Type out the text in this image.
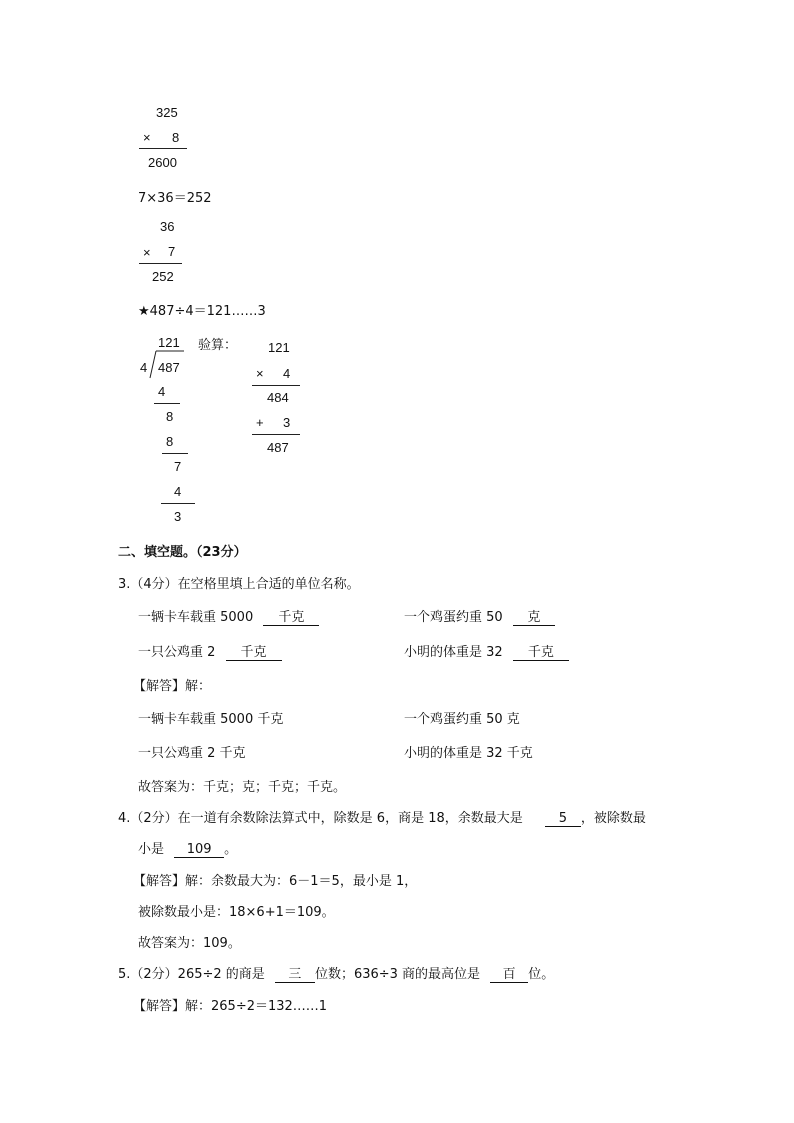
325
× 8
2600
7×36＝252
36
× 7
252
★487÷4＝121……3
121
4 487
4
8
8
7
4
3
验算： 121
× 4
484
+ 3
487
二、填空题。（23分）
3.（4分）在空格里填上合适的单位名称。
一辆卡车载重 5000 千克	一个鸡蛋约重 50 克
一只公鸡重 2 千克	小明的体重是 32 千克
【解答】解：
一辆卡车载重 5000 千克	一个鸡蛋约重 50 克
一只公鸡重 2 千克	小明的体重是 32 千克
故答案为：千克；克；千克；千克。
4.（2分）在一道有余数除法算式中，除数是 6，商是 18，余数最大是	5 ，被除数最
小是 109 。
【解答】解：余数最大为：6－1＝5，最小是 1，
被除数最小是：18×6+1＝109。
故答案为：109。
5.（2分）265÷2 的商是 三 位数；636÷3 商的最高位是 百 位。
【解答】解：265÷2＝132……1
